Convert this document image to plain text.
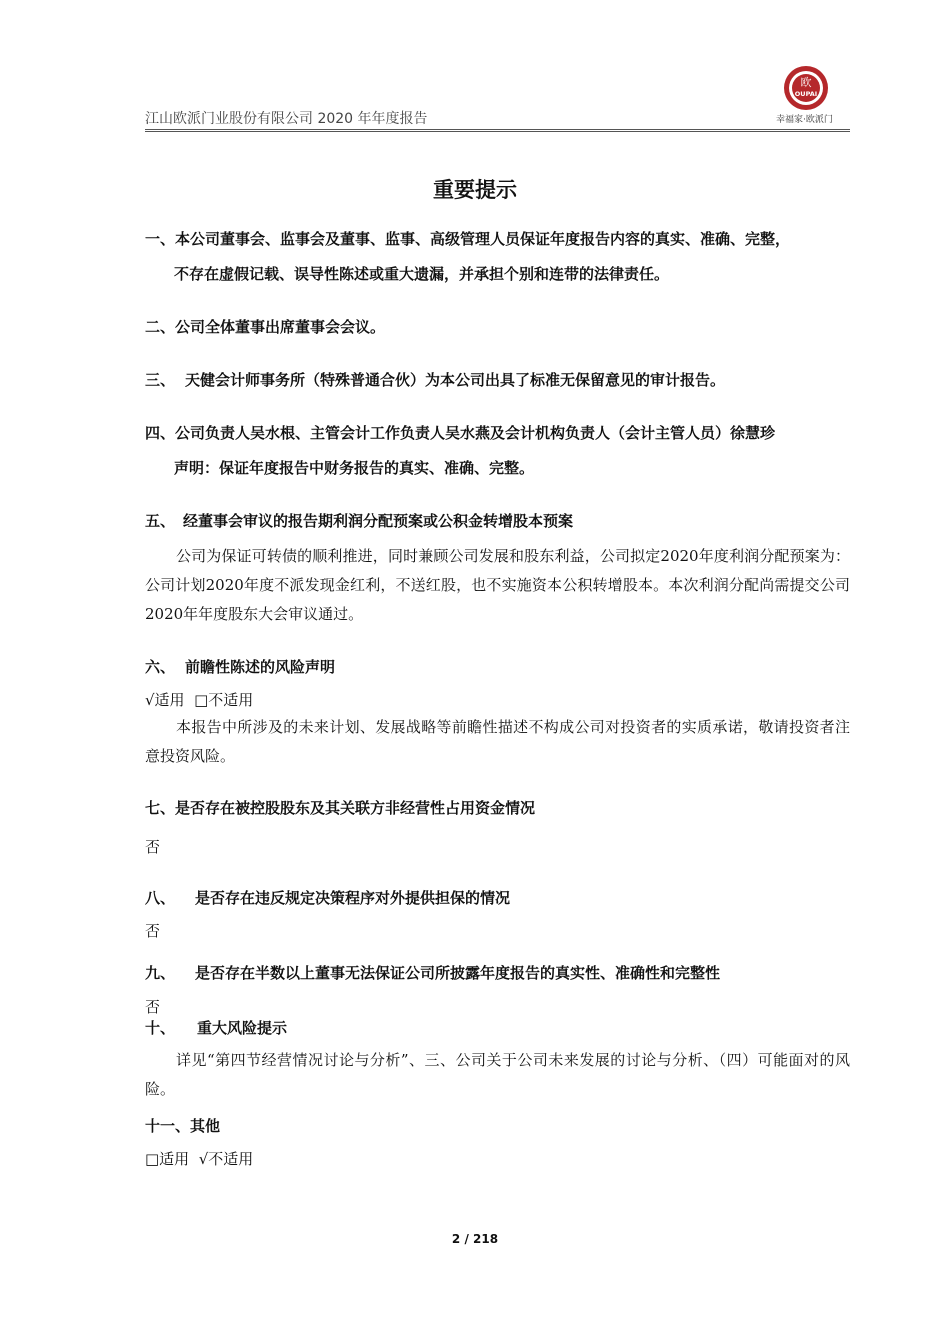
江山欧派门业股份有限公司 2020 年年度报告
欧
OUPAI
幸福家·欧派门
重要提示
一、本公司董事会、监事会及董事、监事、高级管理人员保证年度报告内容的真实、准确、完整，
不存在虚假记载、误导性陈述或重大遗漏，并承担个别和连带的法律责任。
二、公司全体董事出席董事会会议。
三、 天健会计师事务所（特殊普通合伙）为本公司出具了标准无保留意见的审计报告。
四、公司负责人吴水根、主管会计工作负责人吴水燕及会计机构负责人（会计主管人员）徐慧珍
声明：保证年度报告中财务报告的真实、准确、完整。
五、 经董事会审议的报告期利润分配预案或公积金转增股本预案
公司为保证可转债的顺利推进，同时兼顾公司发展和股东利益，公司拟定2020年度利润分配预案为：公司计划2020年度不派发现金红利，不送红股，也不实施资本公积转增股本。本次利润分配尚需提交公司2020年年度股东大会审议通过。
六、 前瞻性陈述的风险声明
√适用 □不适用
本报告中所涉及的未来计划、发展战略等前瞻性描述不构成公司对投资者的实质承诺，敬请投资者注意投资风险。
七、是否存在被控股股东及其关联方非经营性占用资金情况
否
八、 是否存在违反规定决策程序对外提供担保的情况
否
九、 是否存在半数以上董事无法保证公司所披露年度报告的真实性、准确性和完整性
否
十、 重大风险提示
详见“第四节经营情况讨论与分析”、三、公司关于公司未来发展的讨论与分析、（四）可能面对的风险。
十一、其他
□适用 √不适用
2 / 218
